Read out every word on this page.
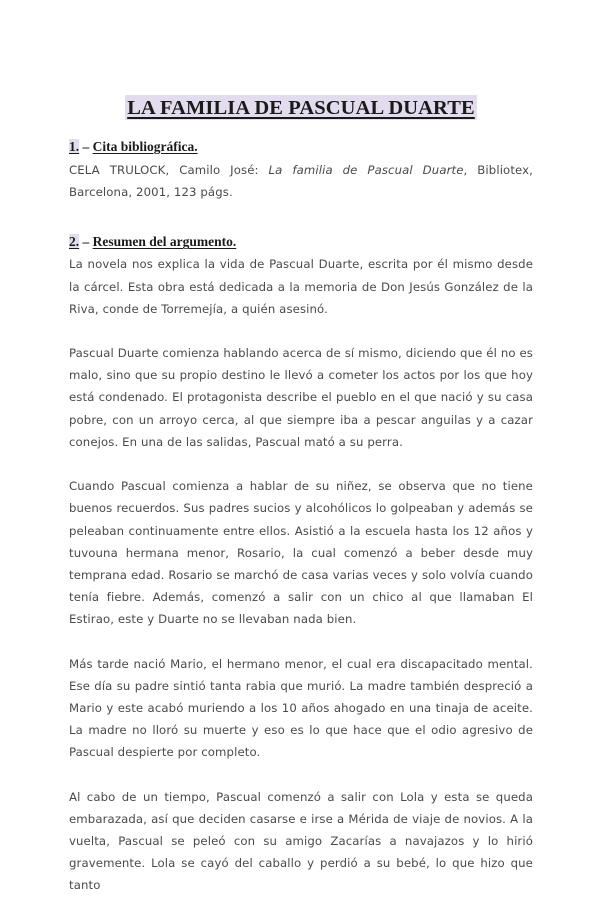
LA FAMILIA DE PASCUAL DUARTE
1. – Cita bibliográfica.

CELA TRULOCK, Camilo José: La familia de Pascual Duarte, Bibliotex, Barcelona, 2001, 123 págs.

2. – Resumen del argumento.

La novela nos explica la vida de Pascual Duarte, escrita por él mismo desde la cárcel. Esta obra está dedicada a la memoria de Don Jesús González de la Riva, conde de Torremejía, a quién asesinó.

Pascual Duarte comienza hablando acerca de sí mismo, diciendo que él no es malo, sino que su propio destino le llevó a cometer los actos por los que hoy está condenado. El protagonista describe el pueblo en el que nació y su casa pobre, con un arroyo cerca, al que siempre iba a pescar anguilas y a cazar conejos. En una de las salidas, Pascual mató a su perra.

Cuando Pascual comienza a hablar de su niñez, se observa que no tiene buenos recuerdos. Sus padres sucios y alcohólicos lo golpeaban y además se peleaban continuamente entre ellos. Asistió a la escuela hasta los 12 años y tuvouna hermana menor, Rosario, la cual comenzó a beber desde muy temprana edad. Rosario se marchó de casa varias veces y solo volvía cuando tenía fiebre. Además, comenzó a salir con un chico al que llamaban El Estirao, este y Duarte no se llevaban nada bien.

Más tarde nació Mario, el hermano menor, el cual era discapacitado mental. Ese día su padre sintió tanta rabia que murió. La madre también despreció a Mario y este acabó muriendo a los 10 años ahogado en una tinaja de aceite. La madre no lloró su muerte y eso es lo que hace que el odio agresivo de Pascual despierte por completo.

Al cabo de un tiempo, Pascual comenzó a salir con Lola y esta se queda embarazada, así que deciden casarse e irse a Mérida de viaje de novios. A la vuelta, Pascual se peleó con su amigo Zacarías a navajazos y lo hirió gravemente. Lola se cayó del caballo y perdió a su bebé, lo que hizo que tanto
